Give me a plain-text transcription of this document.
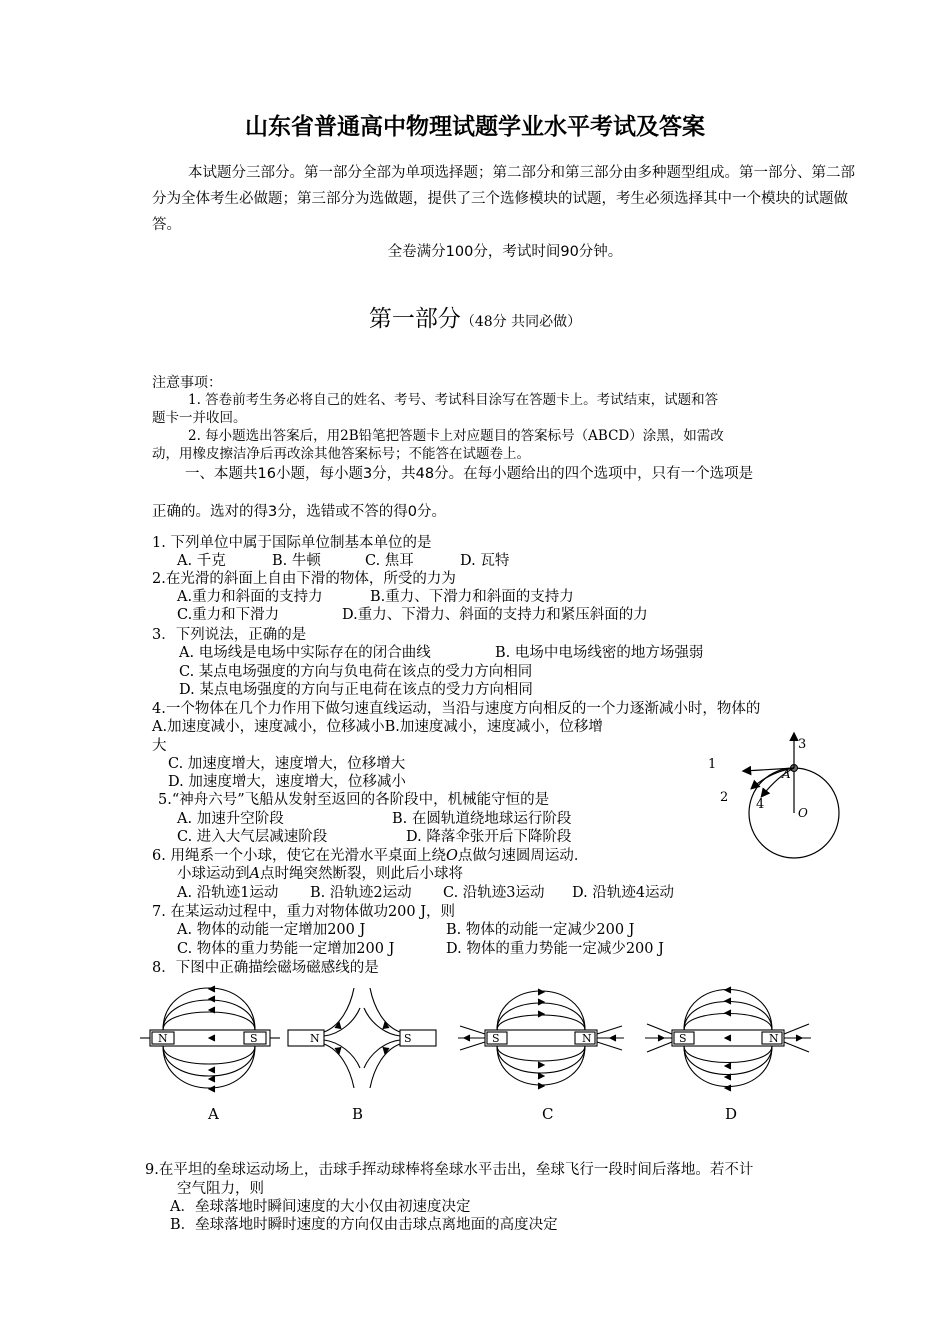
山东省普通高中物理试题学业水平考试及答案
本试题分三部分。第一部分全部为单项选择题；第二部分和第三部分由多种题型组成。第一部分、第二部分为全体考生必做题；第三部分为选做题，提供了三个选修模块的试题，考生必须选择其中一个模块的试题做答。
全卷满分100分，考试时间90分钟。
第一部分（48分 共同必做）
注意事项：
1. 答卷前考生务必将自己的姓名、考号、考试科目涂写在答题卡上。考试结束，试题和答
题卡一并收回。
2. 每小题选出答案后，用2B铅笔把答题卡上对应题目的答案标号（ABCD）涂黑，如需改
动，用橡皮擦洁净后再改涂其他答案标号；不能答在试题卷上。
一、本题共16小题，每小题3分，共48分。在每小题给出的四个选项中，只有一个选项是
正确的。选对的得3分，选错或不答的得0分。
1. 下列单位中属于国际单位制基本单位的是
A. 千克	B. 牛顿	C. 焦耳	D. 瓦特
2.在光滑的斜面上自由下滑的物体，所受的力为
A.重力和斜面的支持力	B.重力、下滑力和斜面的支持力
C.重力和下滑力	D.重力、下滑力、斜面的支持力和紧压斜面的力
3．下列说法，正确的是
A. 电场线是电场中实际存在的闭合曲线	B. 电场中电场线密的地方场强弱
C. 某点电场强度的方向与负电荷在该点的受力方向相同
D. 某点电场强度的方向与正电荷在该点的受力方向相同
4.一个物体在几个力作用下做匀速直线运动，当沿与速度方向相反的一个力逐渐减小时，物体的
A.加速度减小，速度减小，位移减小B.加速度减小，速度减小，位移增
大
C. 加速度增大，速度增大，位移增大
D. 加速度增大，速度增大，位移减小
5.“神舟六号”飞船从发射至返回的各阶段中，机械能守恒的是
A. 加速升空阶段	B. 在圆轨道绕地球运行阶段
C. 进入大气层减速阶段	D. 降落伞张开后下降阶段
6. 用绳系一个小球，使它在光滑水平桌面上绕O点做匀速圆周运动．
小球运动到A点时绳突然断裂，则此后小球将
A. 沿轨迹1运动 B. 沿轨迹2运动 C. 沿轨迹3运动 D. 沿轨迹4运动
7. 在某运动过程中，重力对物体做功200 J，则
A. 物体的动能一定增加200 J	B. 物体的动能一定减少200 J
C. 物体的重力势能一定增加200 J	D. 物体的重力势能一定减少200 J
8．下图中正确描绘磁场磁感线的是
3
1
2 4
A
O
N	S	N	S	S	N	S	N
A	B	C	D
9.在平坦的垒球运动场上，击球手挥动球棒将垒球水平击出，垒球飞行一段时间后落地。若不计
空气阻力，则
A．垒球落地时瞬间速度的大小仅由初速度决定
B．垒球落地时瞬时速度的方向仅由击球点离地面的高度决定
